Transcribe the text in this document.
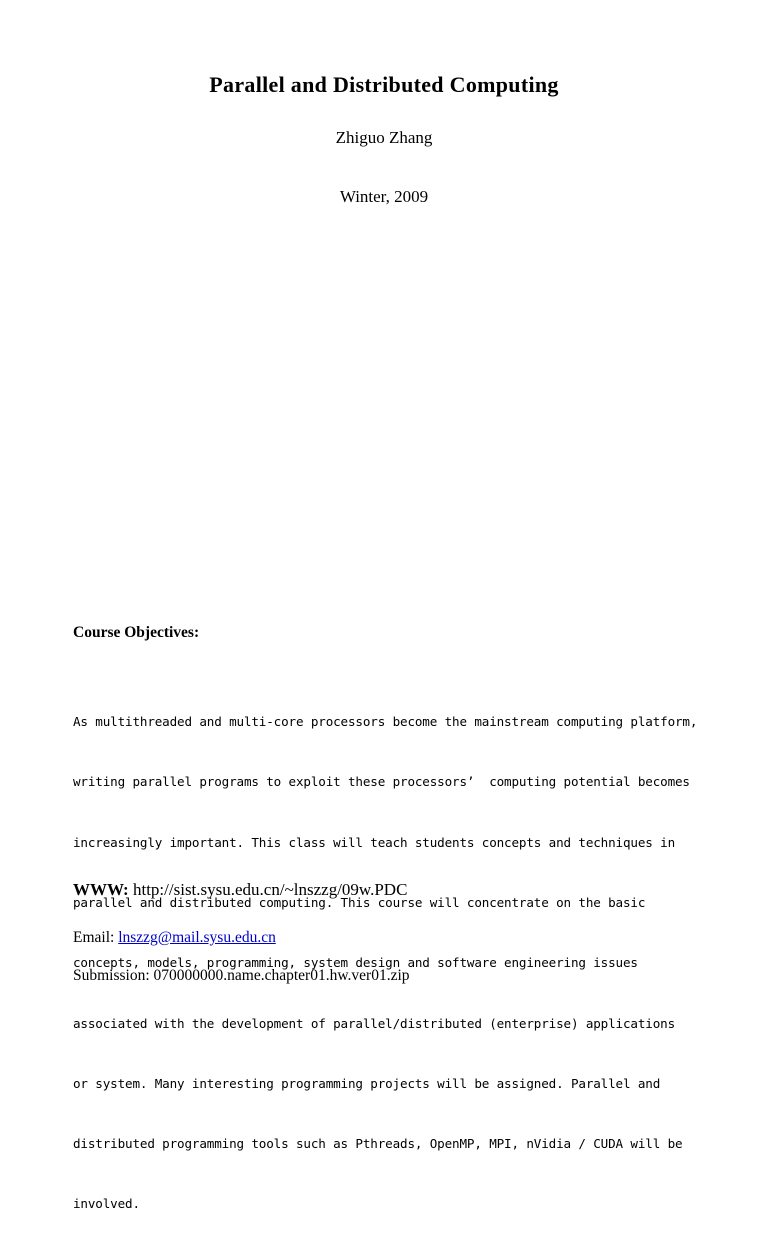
Parallel and Distributed Computing
Zhiguo Zhang
Winter, 2009
Course Objectives:

As multithreaded and multi-core processors become the mainstream computing platform,

writing parallel programs to exploit these processors’  computing potential becomes

increasingly important. This class will teach students concepts and techniques in

parallel and distributed computing. This course will concentrate on the basic

concepts, models, programming, system design and software engineering issues

associated with the development of parallel/distributed (enterprise) applications

or system. Many interesting programming projects will be assigned. Parallel and

distributed programming tools such as Pthreads, OpenMP, MPI, nVidia / CUDA will be

involved.

WWW: http://sist.sysu.edu.cn/~lnszzg/09w.PDC
Email: lnszzg@mail.sysu.edu.cn
Submission: 070000000.name.chapter01.hw.ver01.zip
